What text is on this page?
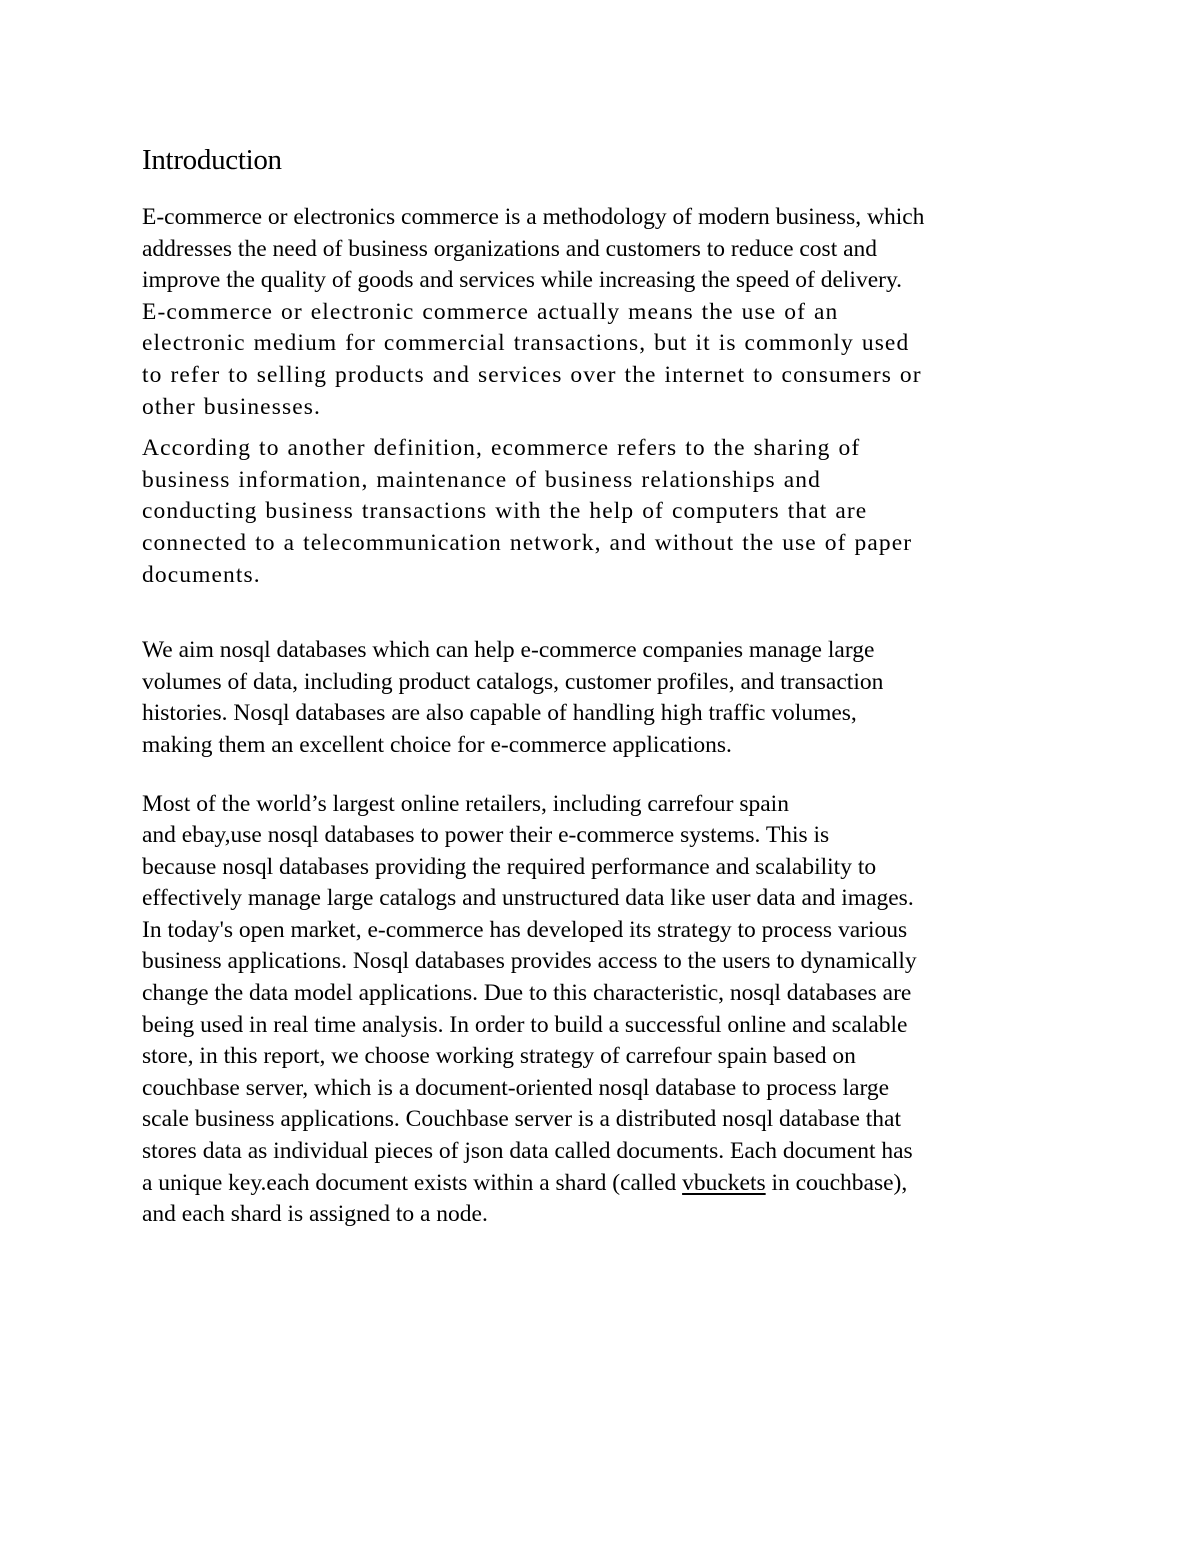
Introduction

E-commerce or electronics commerce is a methodology of modern business, which
addresses the need of business organizations and customers to reduce cost and
improve the quality of goods and services while increasing the speed of delivery.
E-commerce or electronic commerce actually means the use of an
electronic medium for commercial transactions, but it is commonly used
to refer to selling products and services over the internet to consumers or
other businesses.

According to another definition, ecommerce refers to the sharing of
business information, maintenance of business relationships and
conducting business transactions with the help of computers that are
connected to a telecommunication network, and without the use of paper
documents.

We aim nosql databases which can help e-commerce companies manage large
volumes of data, including product catalogs, customer profiles, and transaction
histories. Nosql databases are also capable of handling high traffic volumes,
making them an excellent choice for e-commerce applications.

Most of the world’s largest online retailers, including carrefour spain
and ebay,use nosql databases to power their e-commerce systems. This is
because nosql databases providing the required performance and scalability to
effectively manage large catalogs and unstructured data like user data and images.
In today's open market, e-commerce has developed its strategy to process various
business applications. Nosql databases provides access to the users to dynamically
change the data model applications. Due to this characteristic, nosql databases are
being used in real time analysis. In order to build a successful online and scalable
store, in this report, we choose working strategy of carrefour spain based on
couchbase server, which is a document-oriented nosql database to process large
scale business applications. Couchbase server is a distributed nosql database that
stores data as individual pieces of json data called documents. Each document has
a unique key.each document exists within a shard (called vbuckets in couchbase),
and each shard is assigned to a node.
